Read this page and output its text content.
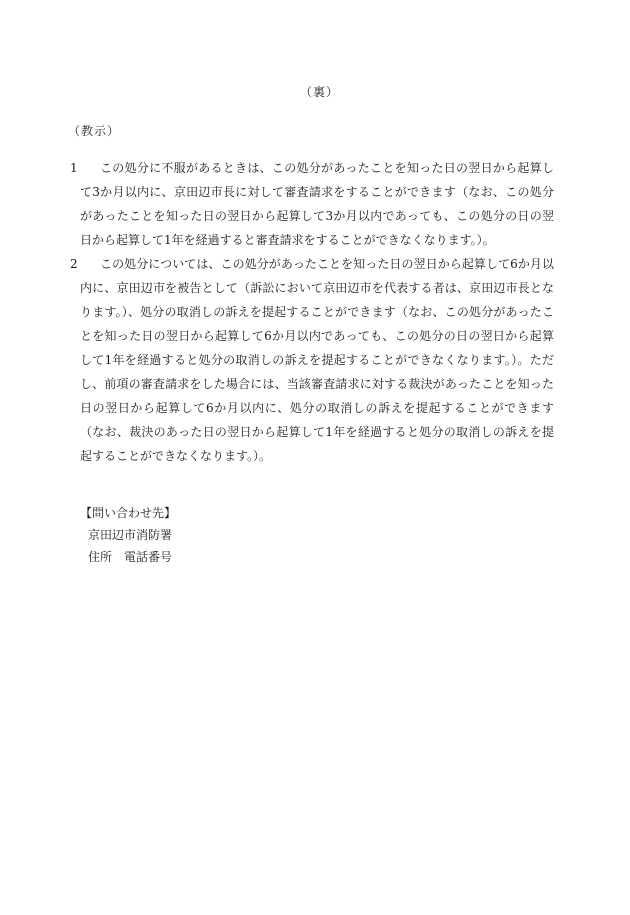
（裏）
（教示）
1	この処分に不服があるときは、この処分があったことを知った日の翌日から起算して3か月以内に、京田辺市長に対して審査請求をすることができます（なお、この処分があったことを知った日の翌日から起算して3か月以内であっても、この処分の日の翌日から起算して1年を経過すると審査請求をすることができなくなります。）。
2	この処分については、この処分があったことを知った日の翌日から起算して6か月以内に、京田辺市を被告として（訴訟において京田辺市を代表する者は、京田辺市長となります。）、処分の取消しの訴えを提起することができます（なお、この処分があったことを知った日の翌日から起算して6か月以内であっても、この処分の日の翌日から起算して1年を経過すると処分の取消しの訴えを提起することができなくなります。）。ただし、前項の審査請求をした場合には、当該審査請求に対する裁決があったことを知った日の翌日から起算して6か月以内に、処分の取消しの訴えを提起することができます（なお、裁決のあった日の翌日から起算して1年を経過すると処分の取消しの訴えを提起することができなくなります。）。
【問い合わせ先】
京田辺市消防署
住所　電話番号
